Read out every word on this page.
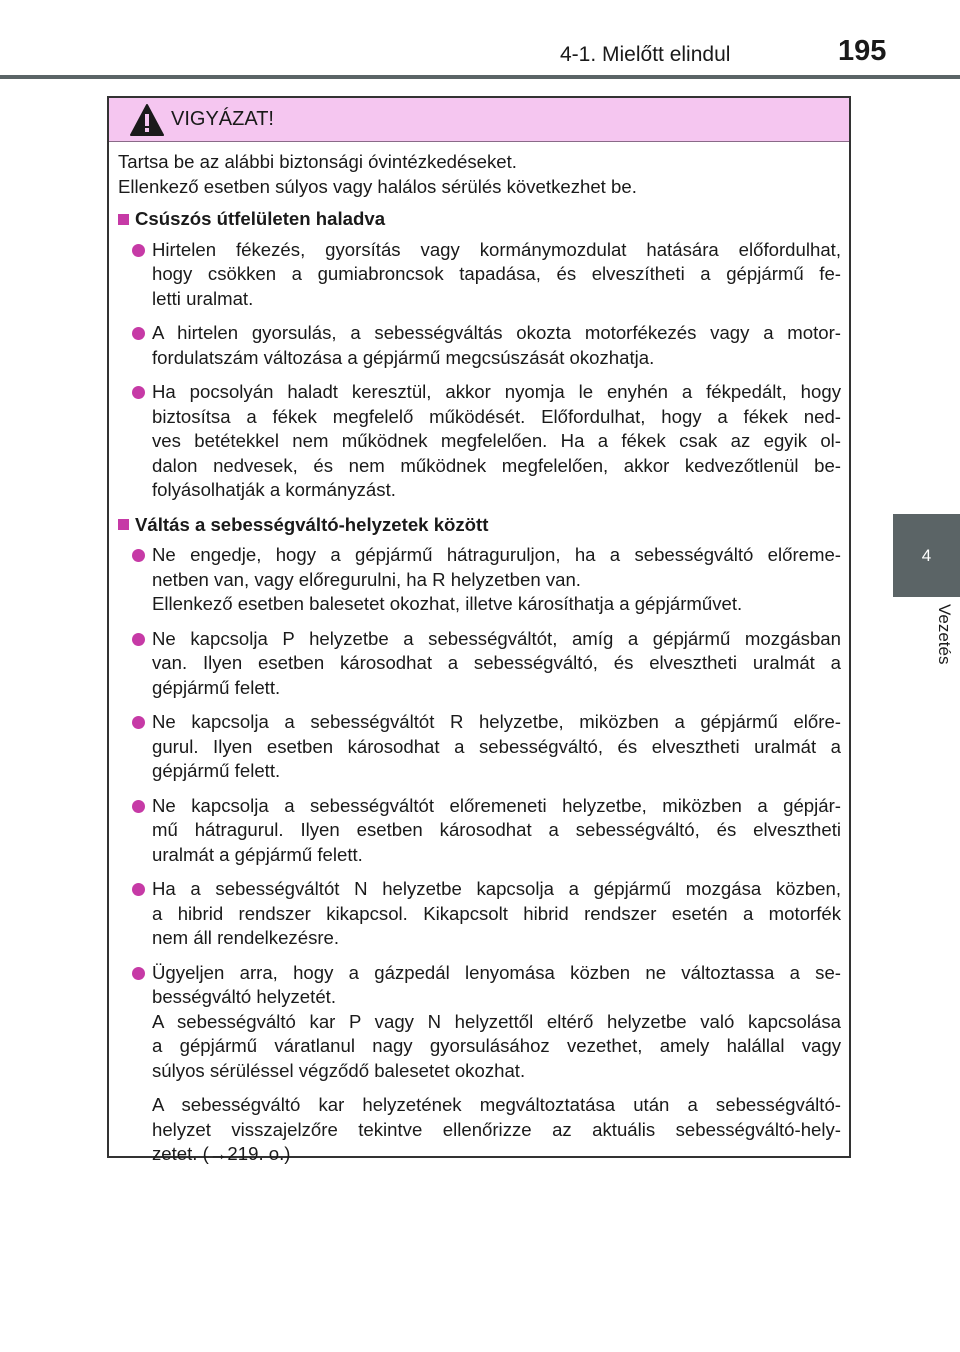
4-1. Mielőtt elindul	195
4
Vezetés
VIGYÁZAT!
Tartsa be az alábbi biztonsági óvintézkedéseket.
Ellenkező esetben súlyos vagy halálos sérülés következhet be.
Csúszós útfelületen haladva
Hirtelen fékezés, gyorsítás vagy kormánymozdulat hatására előfordulhat,
hogy csökken a gumiabroncsok tapadása, és elveszítheti a gépjármű fe-
letti uralmat.
A hirtelen gyorsulás, a sebességváltás okozta motorfékezés vagy a motor-
fordulatszám változása a gépjármű megcsúszását okozhatja.
Ha pocsolyán haladt keresztül, akkor nyomja le enyhén a fékpedált, hogy
biztosítsa a fékek megfelelő működését. Előfordulhat, hogy a fékek ned-
ves betétekkel nem működnek megfelelően. Ha a fékek csak az egyik ol-
dalon nedvesek, és nem működnek megfelelően, akkor kedvezőtlenül be-
folyásolhatják a kormányzást.
Váltás a sebességváltó-helyzetek között
Ne engedje, hogy a gépjármű hátraguruljon, ha a sebességváltó előreme-
netben van, vagy előregurulni, ha R helyzetben van.
Ellenkező esetben balesetet okozhat, illetve károsíthatja a gépjárművet.
Ne kapcsolja P helyzetbe a sebességváltót, amíg a gépjármű mozgásban
van. Ilyen esetben károsodhat a sebességváltó, és elvesztheti uralmát a
gépjármű felett.
Ne kapcsolja a sebességváltót R helyzetbe, miközben a gépjármű előre-
gurul. Ilyen esetben károsodhat a sebességváltó, és elvesztheti uralmát a
gépjármű felett.
Ne kapcsolja a sebességváltót előremeneti helyzetbe, miközben a gépjár-
mű hátragurul. Ilyen esetben károsodhat a sebességváltó, és elvesztheti
uralmát a gépjármű felett.
Ha a sebességváltót N helyzetbe kapcsolja a gépjármű mozgása közben,
a hibrid rendszer kikapcsol. Kikapcsolt hibrid rendszer esetén a motorfék
nem áll rendelkezésre.
Ügyeljen arra, hogy a gázpedál lenyomása közben ne változtassa a se-
bességváltó helyzetét.
A sebességváltó kar P vagy N helyzettől eltérő helyzetbe való kapcsolása
a gépjármű váratlanul nagy gyorsulásához vezethet, amely halállal vagy
súlyos sérüléssel végződő balesetet okozhat.
A sebességváltó kar helyzetének megváltoztatása után a sebességváltó-
helyzet visszajelzőre tekintve ellenőrizze az aktuális sebességváltó-hely-
zetet. (→219. o.)
